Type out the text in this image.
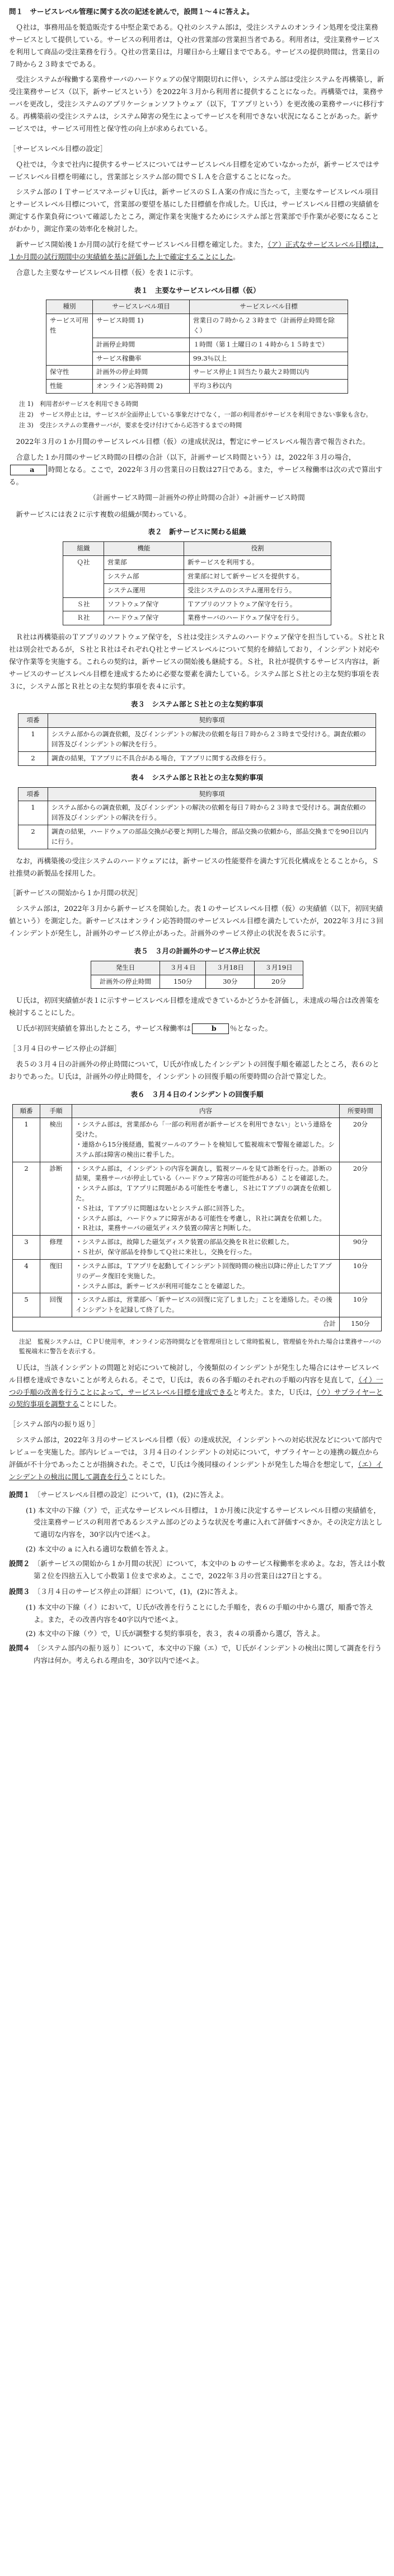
問１　サービスレベル管理に関する次の記述を読んで，設問１〜４に答えよ。

Ｑ社は，事務用品を製造販売する中堅企業である。Ｑ社のシステム部は，受注システムのオンライン処理を受注業務サービスとして提供している。サービスの利用者は，Ｑ社の営業部の営業担当者である。利用者は，受注業務サービスを利用して商品の受注業務を行う。Ｑ社の営業日は，月曜日から土曜日までである。サービスの提供時間は，営業日の７時から２３時までである。

受注システムが稼働する業務サーバのハードウェアの保守期限切れに伴い，システム部は受注システムを再構築し，新受注業務サービス（以下，新サービスという）を2022年３月から利用者に提供することになった。再構築では，業務サーバを更改し，受注システムのアプリケーションソフトウェア（以下，Ｔアプリという）を更改後の業務サーバに移行する。再構築前の受注システムは，システム障害の発生によってサービスを利用できない状況になることがあった。新サービスでは，サービス可用性と保守性の向上が求められている。

［サービスレベル目標の設定］

Ｑ社では，今まで社内に提供するサービスについてはサービスレベル目標を定めていなかったが，新サービスではサービスレベル目標を明確にし，営業部とシステム部の間でＳＬＡを合意することになった。

システム部のＩＴサービスマネージャＵ氏は，新サービスのＳＬＡ案の作成に当たって，主要なサービスレベル項目とサービスレベル目標について，営業部の要望を基にした目標値を作成した。Ｕ氏は，サービスレベル目標の実績値を測定する作業負荷について確認したところ，測定作業を実施するためにシステム部と営業部で手作業が必要になることがわかり，測定作業の効率化を検討した。

新サービス開始後１か月間の試行を経てサービスレベル目標を確定した。また，（ア）正式なサービスレベル目標は，１か月間の試行期間中の実績値を基に評価した上で確定することにした。

合意した主要なサービスレベル目標（仮）を表１に示す。

表１　主要なサービスレベル目標（仮）
種別	サービスレベル項目	サービスレベル目標
サービス可用性	サービス時間 1)	営業日の７時から２３時まで（計画停止時間を除く）
	計画停止時間	１時間（第１土曜日の１４時から１５時まで）
	サービス稼働率	99.3％以上
保守性	計画外の停止時間	サービス停止１回当たり最大２時間以内
性能	オンライン応答時間 2)	平均３秒以内
注 1)　利用者がサービスを利用できる時間
注 2)　サービス停止とは，サービスが全面停止している事象だけでなく，一部の利用者がサービスを利用できない事象も含む。
注 3)　受注システムの業務サーバが，要求を受け付けてから応答するまでの時間

2022年３月の１か月間のサービスレベル目標（仮）の達成状況は，暫定にサービスレベル報告書で報告された。

合意した１か月間のサービス時間の目標の合計（以下，計画サービス時間という）は，2022年３月の場合，a 時間となる。ここで，2022年３月の営業日の日数は27日である。また，サービス稼働率は次の式で算出する。

（計画サービス時間－計画外の停止時間の合計）÷計画サービス時間

新サービスには表２に示す複数の組織が関わっている。

表２　新サービスに関わる組織
組織	機能	役割
Ｑ社	営業部	新サービスを利用する。
	システム部	営業部に対して新サービスを提供する。
	システム運用	受注システムのシステム運用を行う。
Ｓ社	ソフトウェア保守	Ｔアプリのソフトウェア保守を行う。
Ｒ社	ハードウェア保守	業務サーバのハードウェア保守を行う。

Ｒ社は再構築前のＴアプリのソフトウェア保守を，Ｓ社は受注システムのハードウェア保守を担当している。Ｓ社とＲ社は別会社であるが，Ｓ社とＲ社はそれぞれＱ社とサービスレベルについて契約を締結しており，インシデント対応や保守作業等を実施する。これらの契約は，新サービスの開始後も継続する。Ｓ社，Ｒ社が提供するサービス内容は，新サービスのサービスレベル目標を達成するために必要な要素を満たしている。システム部とＳ社との主な契約事項を表３に，システム部とＲ社との主な契約事項を表４に示す。

表３　システム部とＳ社との主な契約事項
項番	契約事項
1	システム部からの調査依頼，及びインシデントの解決の依頼を毎日７時から２３時まで受付ける。調査依頼の回答及びインシデントの解決を行う。
2	調査の結果，Ｔアプリに不具合がある場合，Ｔアプリに関する改修を行う。
表４　システム部とＲ社との主な契約事項
項番	契約事項
1	システム部からの調査依頼，及びインシデントの解決の依頼を毎日７時から２３時まで受付ける。調査依頼の回答及びインシデントの解決を行う。
2	調査の結果，ハードウェアの部品交換が必要と判明した場合，部品交換の依頼から，部品交換までを90日以内に行う。

なお，再構築後の受注システムのハードウェアには，新サービスの性能要件を満たす冗長化構成をとることから，Ｓ社推奨の新製品を採用した。

［新サービスの開始から１か月間の状況］

システム部は，2022年３月から新サービスを開始した。表１のサービスレベル目標（仮）の実績値（以下，初回実績値という）を測定した。新サービスはオンライン応答時間のサービスレベル目標を満たしていたが，2022年３月に３回インシデントが発生し，計画外のサービス停止があった。計画外のサービス停止の状況を表５に示す。

表５　３月の計画外のサービス停止状況
発生日	３月４日	３月18日	３月19日
計画外の停止時間	150分	30分	20分

Ｕ氏は，初回実績値が表１に示すサービスレベル目標を達成できているかどうかを評価し，未達成の場合は改善策を検討することにした。

Ｕ氏が初回実績値を算出したところ，サービス稼働率は	b ％となった。

［３月４日のサービス停止の詳細］

表５の３月４日の計画外の停止時間について，Ｕ氏が作成したインシデントの回復手順を確認したところ，表６のとおりであった。Ｕ氏は，計画外の停止時間を，インシデントの回復手順の所要時間の合計で算定した。

表６　３月４日のインシデントの回復手順
順番	手順	内容	所要時間
1	検出	・システム部は，営業部から「一部の利用者が新サービスを利用できない」という連絡を受けた。
・連絡から15分後経過，監視ツールのアラートを検知して監視端末で警報を確認した。システム部は障害の検出に着手した。	20分
2	診断	・システム部は，インシデントの内容を調査し，監視ツールを見て診断を行った。診断の結果，業務サーバが停止している（ハードウェア障害の可能性がある）ことを確認した。
・システム部は，Ｔアプリに問題がある可能性を考慮し，Ｓ社にＴアプリの調査を依頼した。
・Ｓ社は，Ｔアプリに問題はないとシステム部に回答した。
・システム部は，ハードウェアに障害がある可能性を考慮し，Ｒ社に調査を依頼した。
・Ｒ社は，業務サーバの磁気ディスク装置の障害と判断した。	20分
3	修理	・システム部は，故障した磁気ディスク装置の部品交換をＲ社に依頼した。
・Ｓ社が，保守部品を持参してＱ社に来社し，交換を行った。	90分
4	復旧	・システム部は，Ｔアプリを起動してインシデント回復時間の検出以降に停止したＴアプリのデータ復旧を実施した。
・システム部は，新サービスが利用可能なことを確認した。	10分
5	回復	・システム部は，営業部へ「新サービスの回復に完了しました」ことを連絡した。その後インシデントを記録して終了した。	10分
合計			150分
注記　監視システムは，ＣＰＵ使用率，オンライン応答時間などを管理項目として常時監視し，管理値を外れた場合は業務サーバの監視端末に警告を表示する。

Ｕ氏は，当該インシデントの問題と対応について検討し，今後類似のインシデントが発生した場合にはサービスレベル目標を達成できないことが考えられる。そこで，Ｕ氏は，表６の各手順のそれぞれの手順の内容を見直して，（イ）一つの手順の改善を行うことによって，サービスレベル目標を達成できると考えた。また，Ｕ氏は，（ウ）サプライヤーとの契約事項を調整することにした。

［システム部内の振り返り］

システム部は，2022年３月のサービスレベル目標（仮）の達成状況，インシデントへの対応状況などについて部内でレビューを実施した。部内レビューでは，３月４日のインシデントの対応について，サプライヤーとの連携の観点から評価が不十分であったことが指摘された。そこで，Ｕ氏は今後同様のインシデントが発生した場合を想定して，（エ）インシデントの検出に関して調査を行うことにした。

設問１　 〔サービスレベル目標の設定〕について，(1)，(2)に答えよ。
(1) 本文中の下線（ア）で，正式なサービスレベル目標は，１か月後に決定するサービスレベル目標の実績値を，受注業務サービスの利用者であるシステム部のどのような状況を考慮に入れて評価すべきか。その決定方法として適切な内容を，30字以内で述べよ。
(2) 本文中の a に入れる適切な数値を答えよ。
設問２　 〔新サービスの開始から１か月間の状況〕について，本文中の b のサービス稼働率を求めよ。なお，答えは小数第２位を四捨五入して小数第１位まで求めよ。ここで，2022年３月の営業日は27日とする。
設問３　 〔３月４日のサービス停止の詳細〕について，(1)，(2)に答えよ。
(1) 本文中の下線（イ）において，Ｕ氏が改善を行うことにした手順を，表６の手順の中から選び，順番で答えよ。また，その改善内容を40字以内で述べよ。
(2) 本文中の下線（ウ）で，Ｕ氏が調整する契約事項を，表３，表４の項番から選び，答えよ。
設問４　 〔システム部内の振り返り〕について，本文中の下線（エ）で，Ｕ氏がインシデントの検出に関して調査を行う内容は何か。考えられる理由を，30字以内で述べよ。
